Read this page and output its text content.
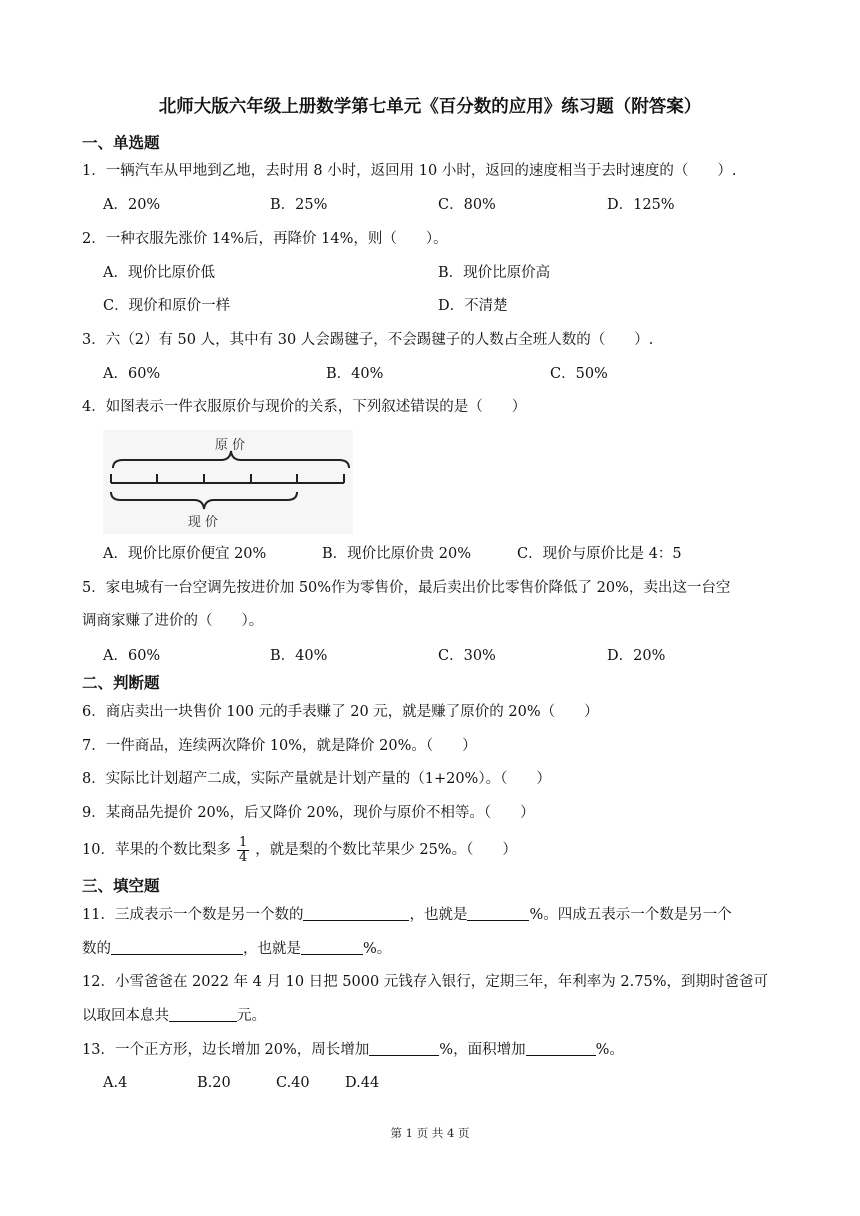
北师大版六年级上册数学第七单元《百分数的应用》练习题（附答案）
一、单选题
1．一辆汽车从甲地到乙地，去时用 8 小时，返回用 10 小时，返回的速度相当于去时速度的（　　）.
A．20%	B．25%	C．80%	D．125%
2．一种衣服先涨价 14%后，再降价 14%，则（　　）。
A．现价比原价低	B．现价比原价高
C．现价和原价一样	D．不清楚
3．六（2）有 50 人，其中有 30 人会踢毽子，不会踢毽子的人数占全班人数的（　　）.
A．60%	B．40%	C．50%
4．如图表示一件衣服原价与现价的关系，下列叙述错误的是（　　）
原 价
现 价
A．现价比原价便宜 20%	B．现价比原价贵 20%	C．现价与原价比是 4：5
5．家电城有一台空调先按进价加 50%作为零售价，最后卖出价比零售价降低了 20%，卖出这一台空
调商家赚了进价的（　　）。
A．60%	B．40%	C．30%	D．20%
二、判断题
6．商店卖出一块售价 100 元的手表赚了 20 元，就是赚了原价的 20%（　　）
7．一件商品，连续两次降价 10%，就是降价 20%。（　　）
8．实际比计划超产二成，实际产量就是计划产量的（1+20%）。（　　）
9．某商品先提价 20%，后又降价 20%，现价与原价不相等。（　　）
10．苹果的个数比梨多 $\frac{1}{4}$ ，就是梨的个数比苹果少 25%。（　　）
三、填空题
11．三成表示一个数是另一个数的	，也就是	%。四成五表示一个数是另一个
数的	，也就是	%。
12．小雪爸爸在 2022 年 4 月 10 日把 5000 元钱存入银行，定期三年，年利率为 2.75%，到期时爸爸可
以取回本息共	元。
13．一个正方形，边长增加 20%，周长增加	%，面积增加	%。
A.4	B.20	C.40 D.44
第 1 页 共 4 页
